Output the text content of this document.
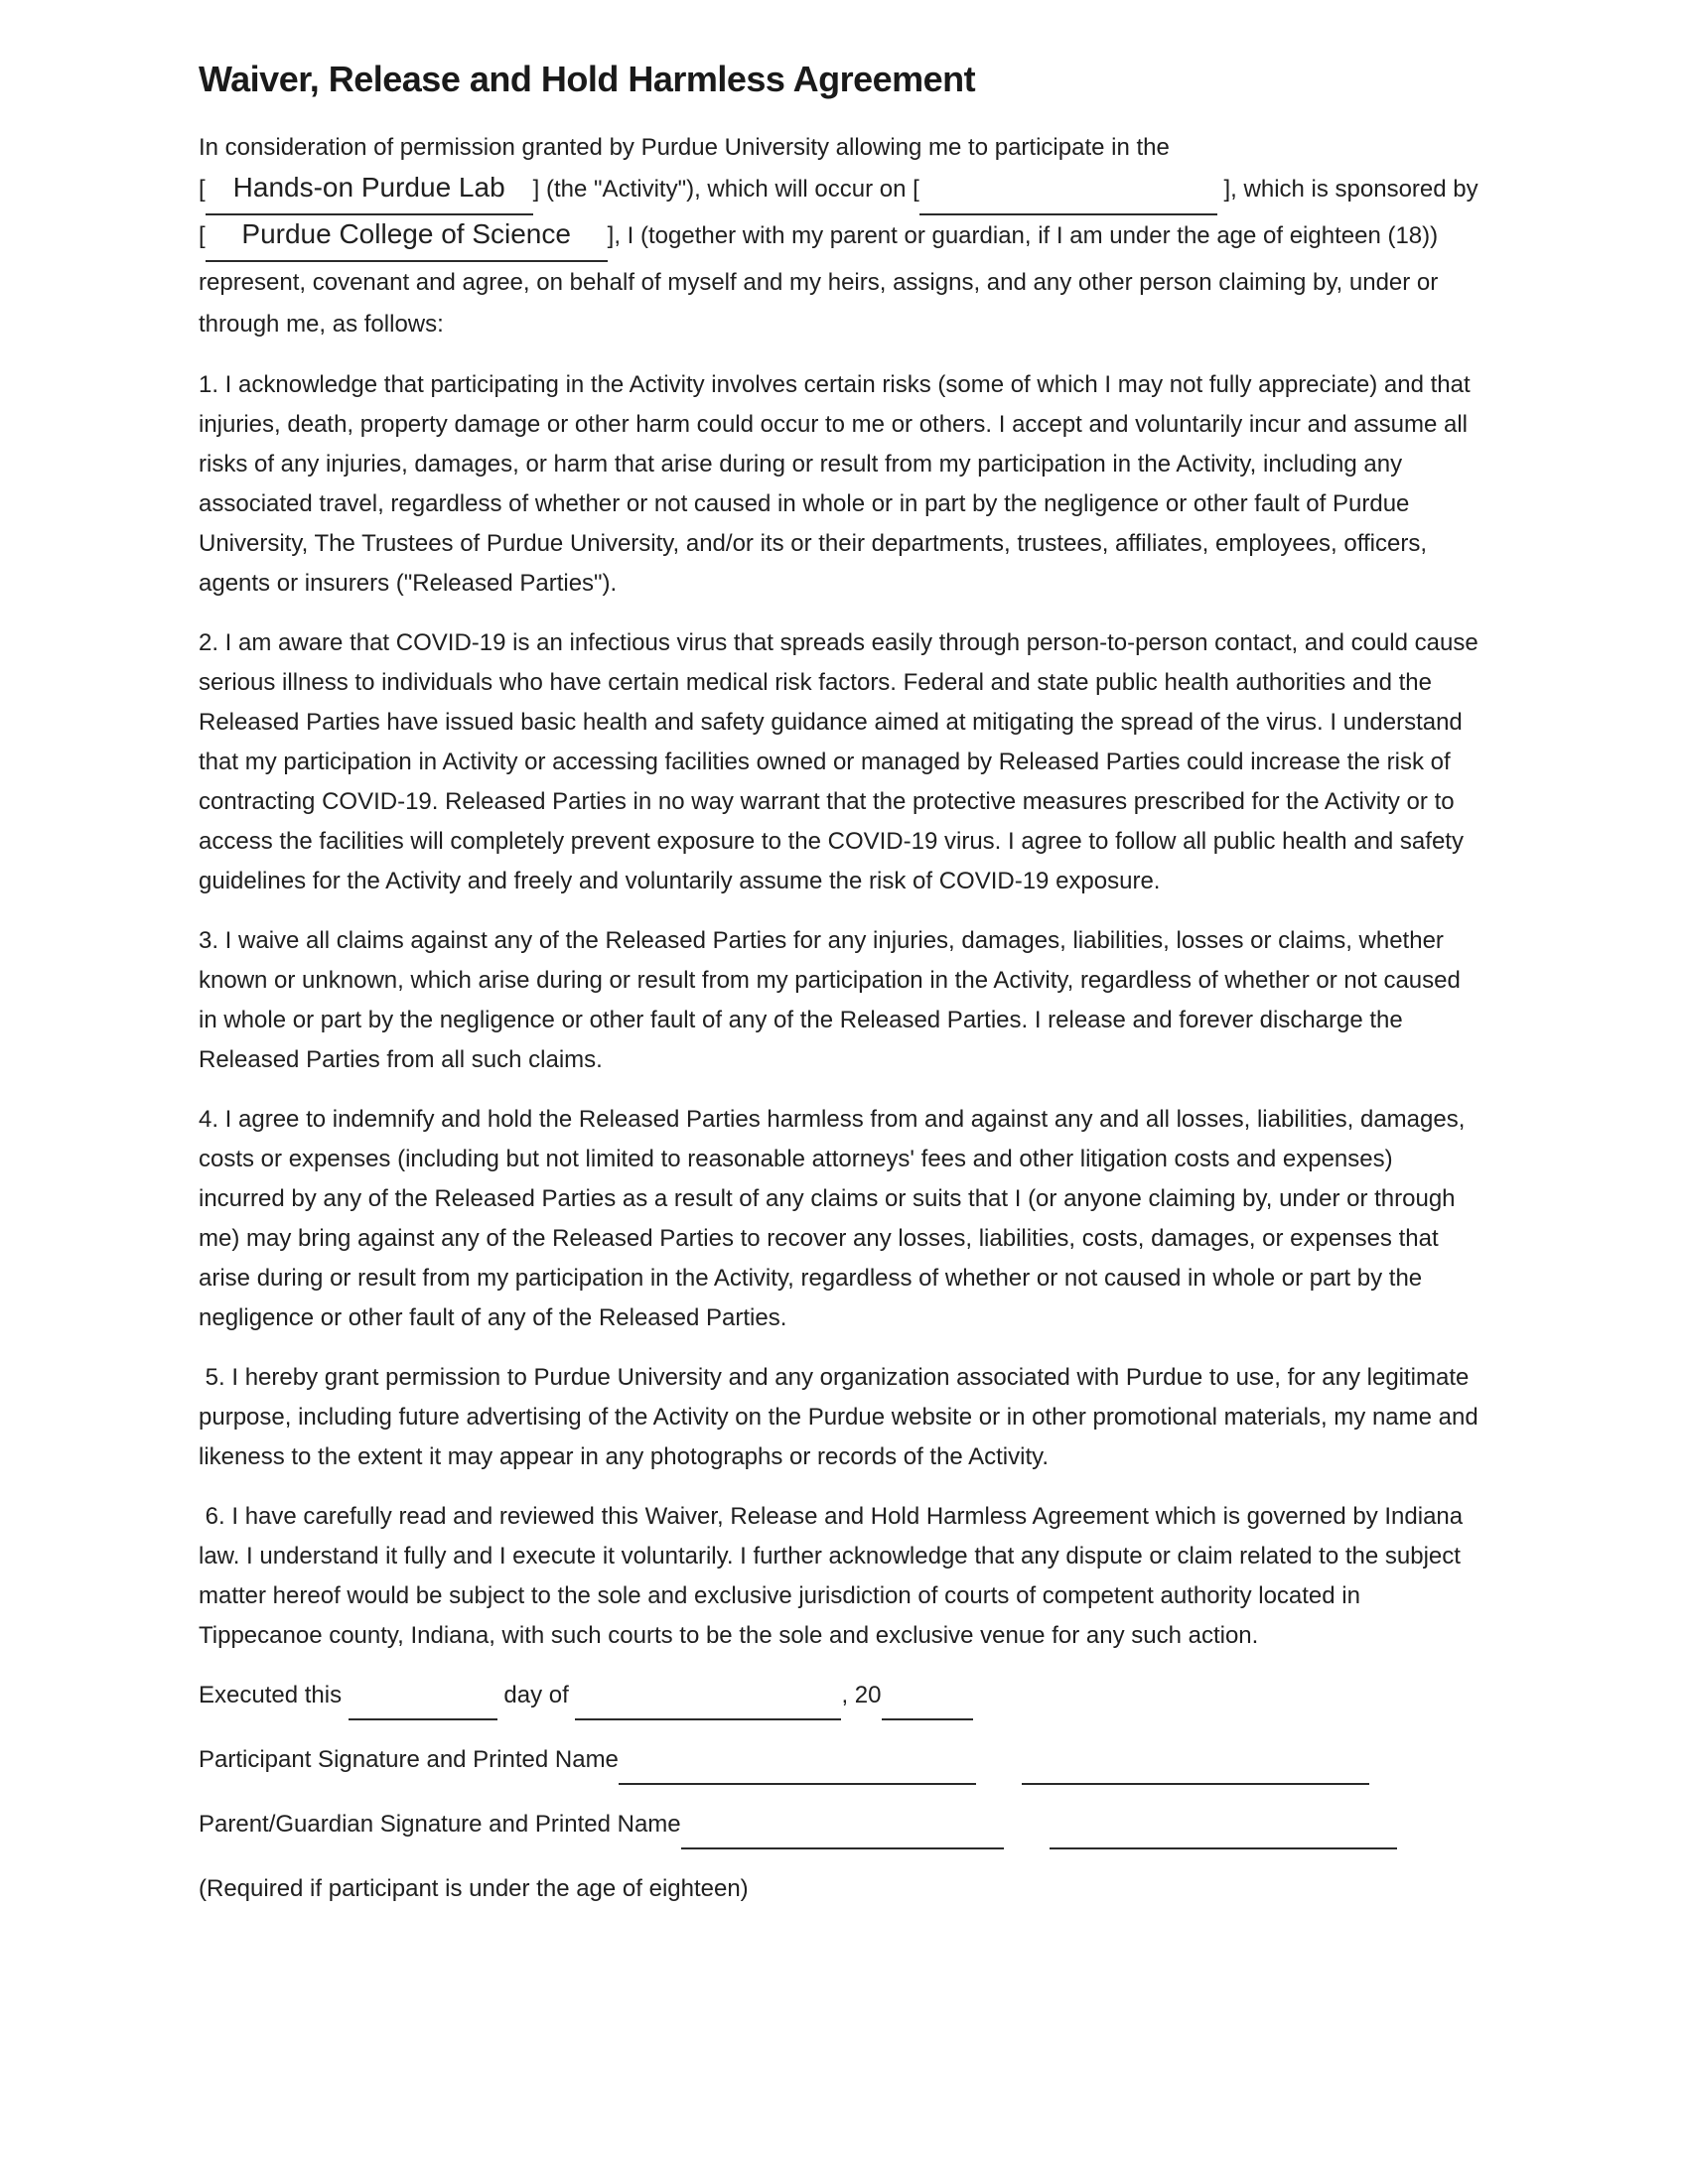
Waiver, Release and Hold Harmless Agreement

In consideration of permission granted by Purdue University allowing me to participate in the [ Hands-on Purdue Lab ​ ] (the "Activity"), which will occur on [ ​	], which is sponsored by [ Purdue College of Science ​ ], I (together with my parent or guardian, if I am under the age of eighteen (18)) represent, covenant and agree, on behalf of myself and my heirs, assigns, and any other person claiming by, under or through me, as follows:

1. I acknowledge that participating in the Activity involves certain risks (some of which I may not fully appreciate) and that injuries, death, property damage or other harm could occur to me or others. I accept and voluntarily incur and assume all risks of any injuries, damages, or harm that arise during or result from my participation in the Activity, including any associated travel, regardless of whether or not caused in whole or in part by the negligence or other fault of Purdue University, The Trustees of Purdue University, and/or its or their departments, trustees, affiliates, employees, officers, agents or insurers ("Released Parties").

2. I am aware that COVID-19 is an infectious virus that spreads easily through person-to-person contact, and could cause serious illness to individuals who have certain medical risk factors. Federal and state public health authorities and the Released Parties have issued basic health and safety guidance aimed at mitigating the spread of the virus. I understand that my participation in Activity or accessing facilities owned or managed by Released Parties could increase the risk of contracting COVID-19. Released Parties in no way warrant that the protective measures prescribed for the Activity or to access the facilities will completely prevent exposure to the COVID-19 virus. I agree to follow all public health and safety guidelines for the Activity and freely and voluntarily assume the risk of COVID-19 exposure.

3. I waive all claims against any of the Released Parties for any injuries, damages, liabilities, losses or claims, whether known or unknown, which arise during or result from my participation in the Activity, regardless of whether or not caused in whole or part by the negligence or other fault of any of the Released Parties. I release and forever discharge the Released Parties from all such claims.

4. I agree to indemnify and hold the Released Parties harmless from and against any and all losses, liabilities, damages, costs or expenses (including but not limited to reasonable attorneys' fees and other litigation costs and expenses) incurred by any of the Released Parties as a result of any claims or suits that I (or anyone claiming by, under or through me) may bring against any of the Released Parties to recover any losses, liabilities, costs, damages, or expenses that arise during or result from my participation in the Activity, regardless of whether or not caused in whole or part by the negligence or other fault of any of the Released Parties.

5. I hereby grant permission to Purdue University and any organization associated with Purdue to use, for any legitimate purpose, including future advertising of the Activity on the Purdue website or in other promotional materials, my name and likeness to the extent it may appear in any photographs or records of the Activity.

6. I have carefully read and reviewed this Waiver, Release and Hold Harmless Agreement which is governed by Indiana law. I understand it fully and I execute it voluntarily. I further acknowledge that any dispute or claim related to the subject matter hereof would be subject to the sole and exclusive jurisdiction of courts of competent authority located in Tippecanoe county, Indiana, with such courts to be the sole and exclusive venue for any such action.

Executed this ​	day of ​	, 20 ​

Participant Signature and Printed Name ​ ​

Parent/Guardian Signature and Printed Name ​ ​

(Required if participant is under the age of eighteen)
